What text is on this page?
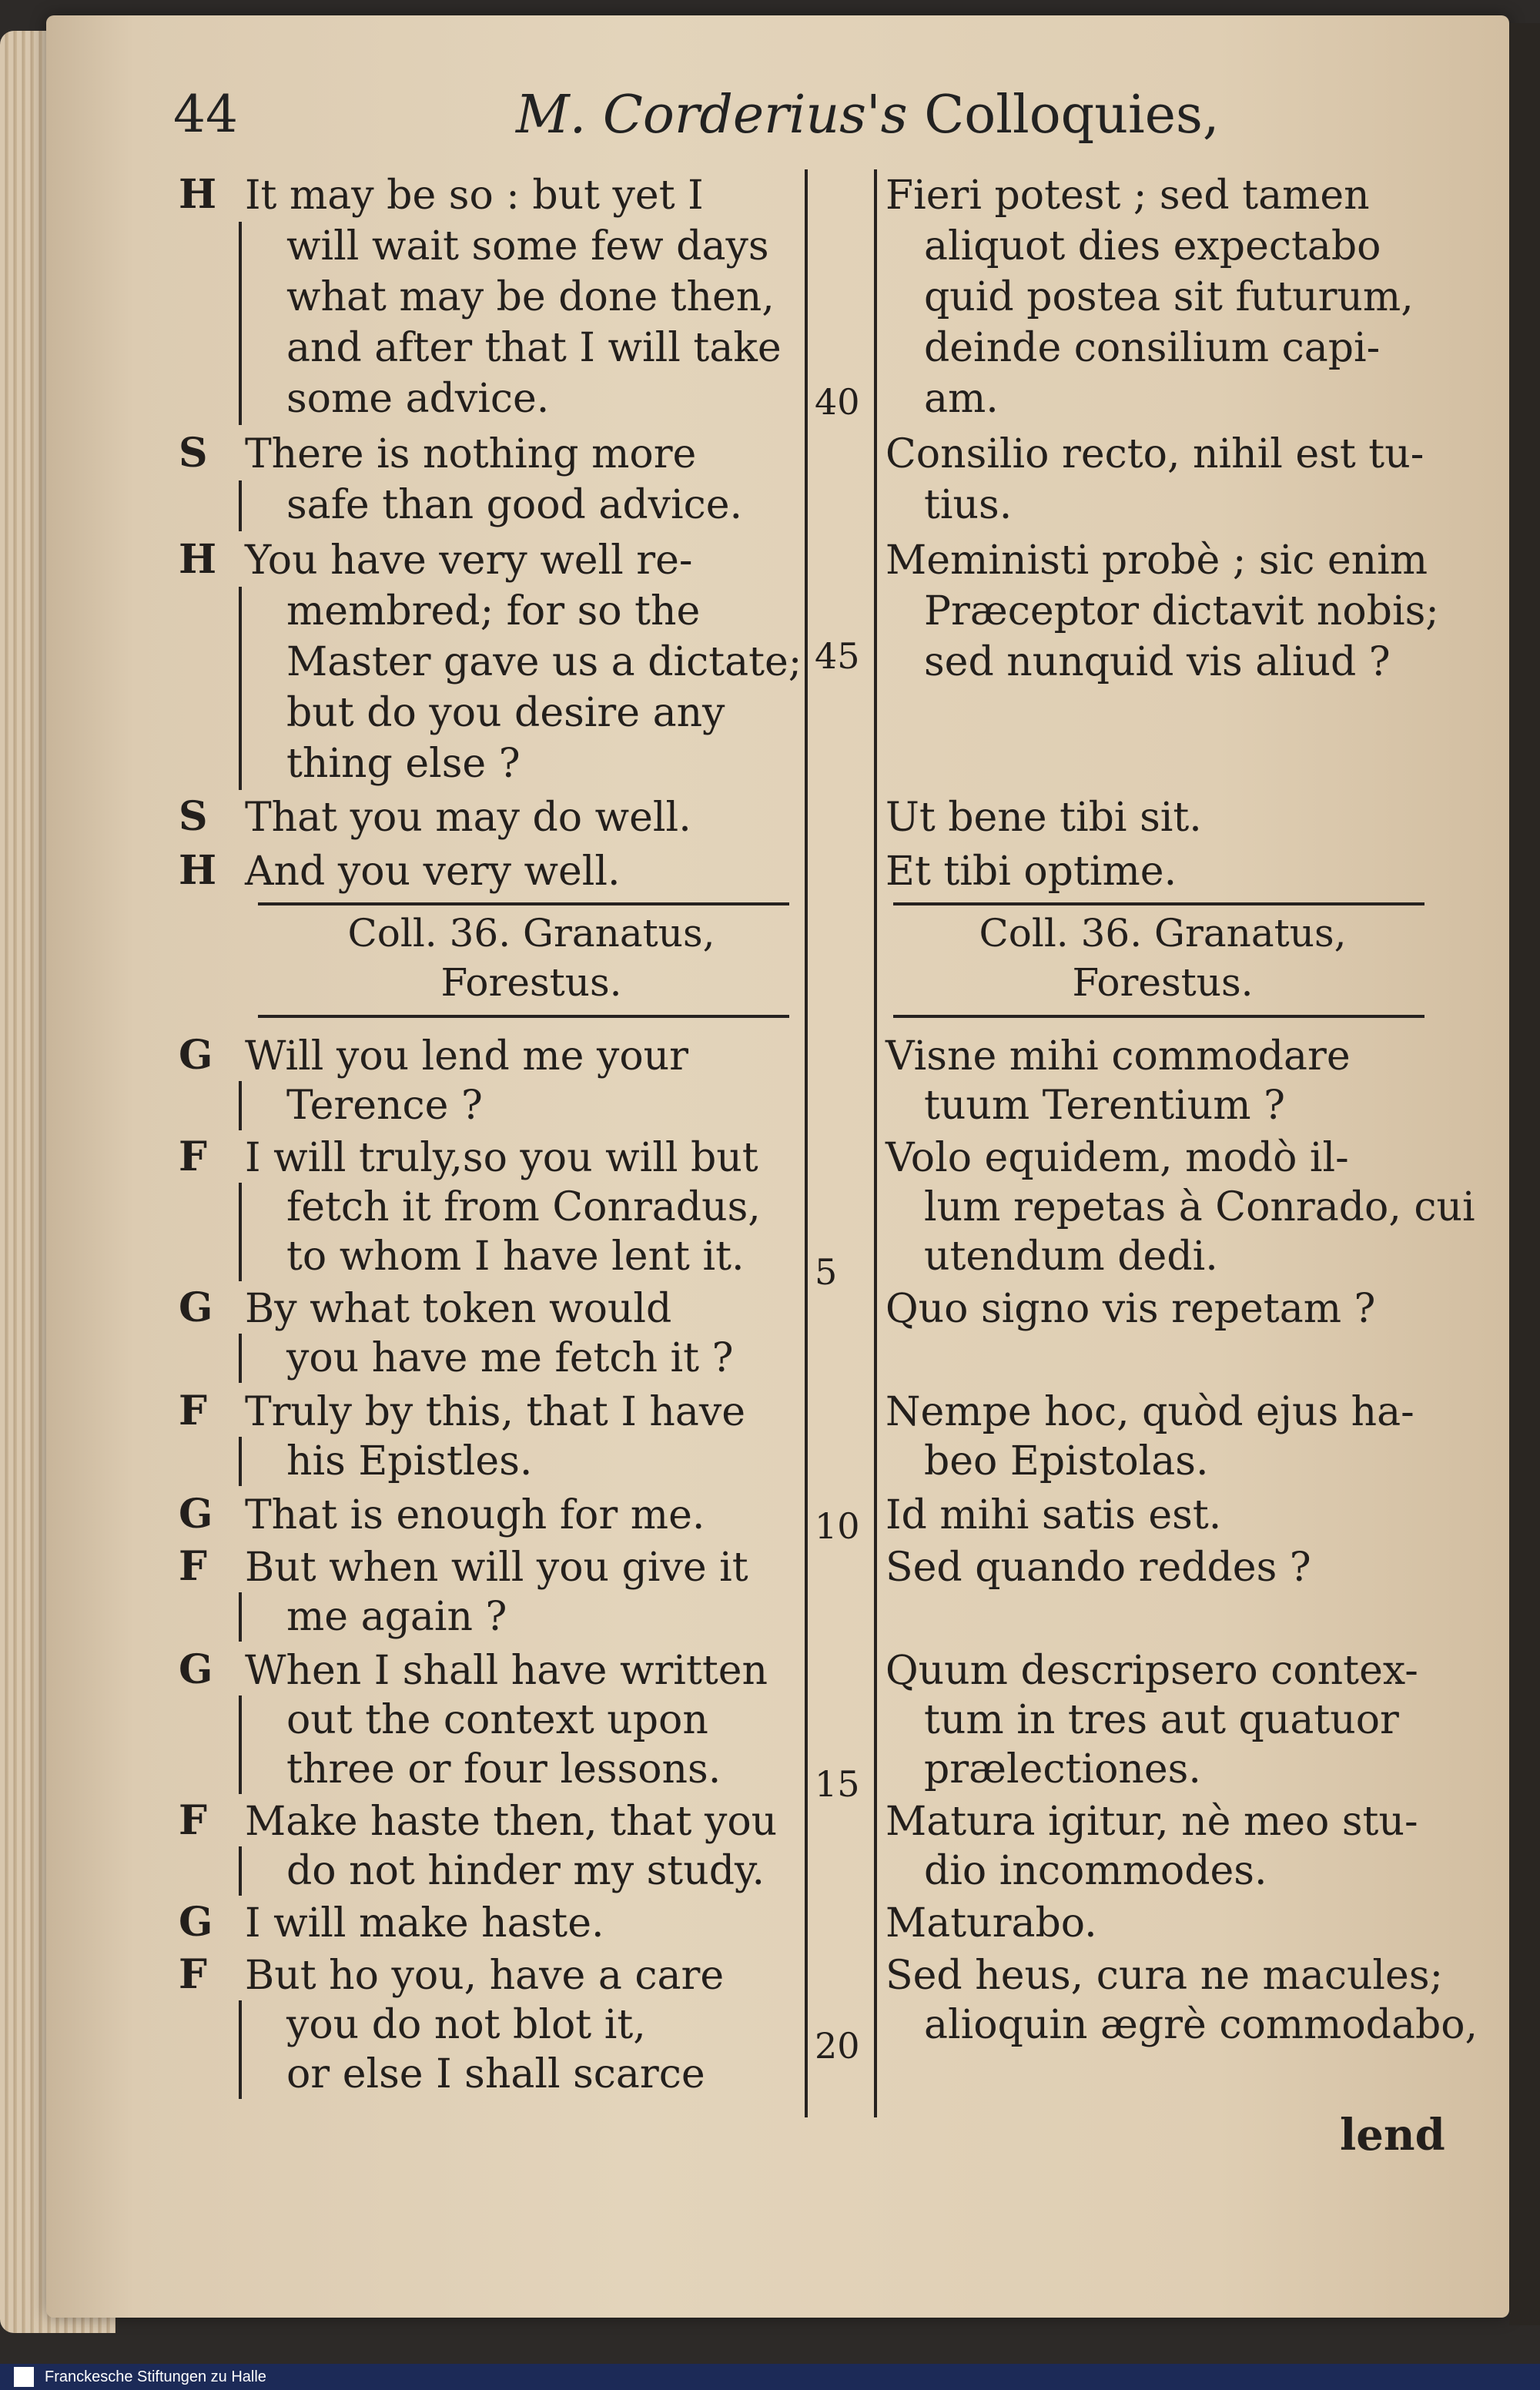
44	M. Corderius's Colloquies,
H It may be so : but yet I
will wait some few days
what may be done then,
and after that I will take
some advice.
Fieri potest ; sed tamen
aliquot dies expectabo
quid postea sit futurum,
deinde consilium capi-
am.
S There is nothing more
safe than good advice.
Consilio recto, nihil est tu-
tius.
H You have very well re-
membred; for so the
Master gave us a dictate;
but do you desire any
thing else ?
Meministi probè ; sic enim
Præceptor dictavit nobis;
sed nunquid vis aliud ?
S That you may do well.	Ut bene tibi sit.
H And you very well.	Et tibi optime.
40
45
Coll. 36. Granatus, Forestus.
Coll. 36. Granatus, Forestus.
G Will you lend me your
Terence ?
Visne mihi commodare
tuum Terentium ?
F I will truly,so you will but
fetch it from Conradus,
to whom I have lent it.
Volo equidem, modò il-
lum repetas à Conrado, cui
utendum dedi.
G By what token would
you have me fetch it ?
Quo signo vis repetam ?
F Truly by this, that I have
his Epistles.
Nempe hoc, quòd ejus ha-
beo Epistolas.
G That is enough for me.	Id mihi satis est.
F But when will you give it
me again ?
Sed quando reddes ?
G When I shall have written
out the context upon
three or four lessons.
Quum descripsero contex-
tum in tres aut quatuor
prælectiones.
F Make haste then, that you
do not hinder my study.
Matura igitur, nè meo stu-
dio incommodes.
G I will make haste.	Maturabo.
F But ho you, have a care
you do not blot it,
or else I shall scarce
Sed heus, cura ne macules;
alioquin ægrè commodabo,
5
10
15
20
lend
Franckesche Stiftungen zu Halle
